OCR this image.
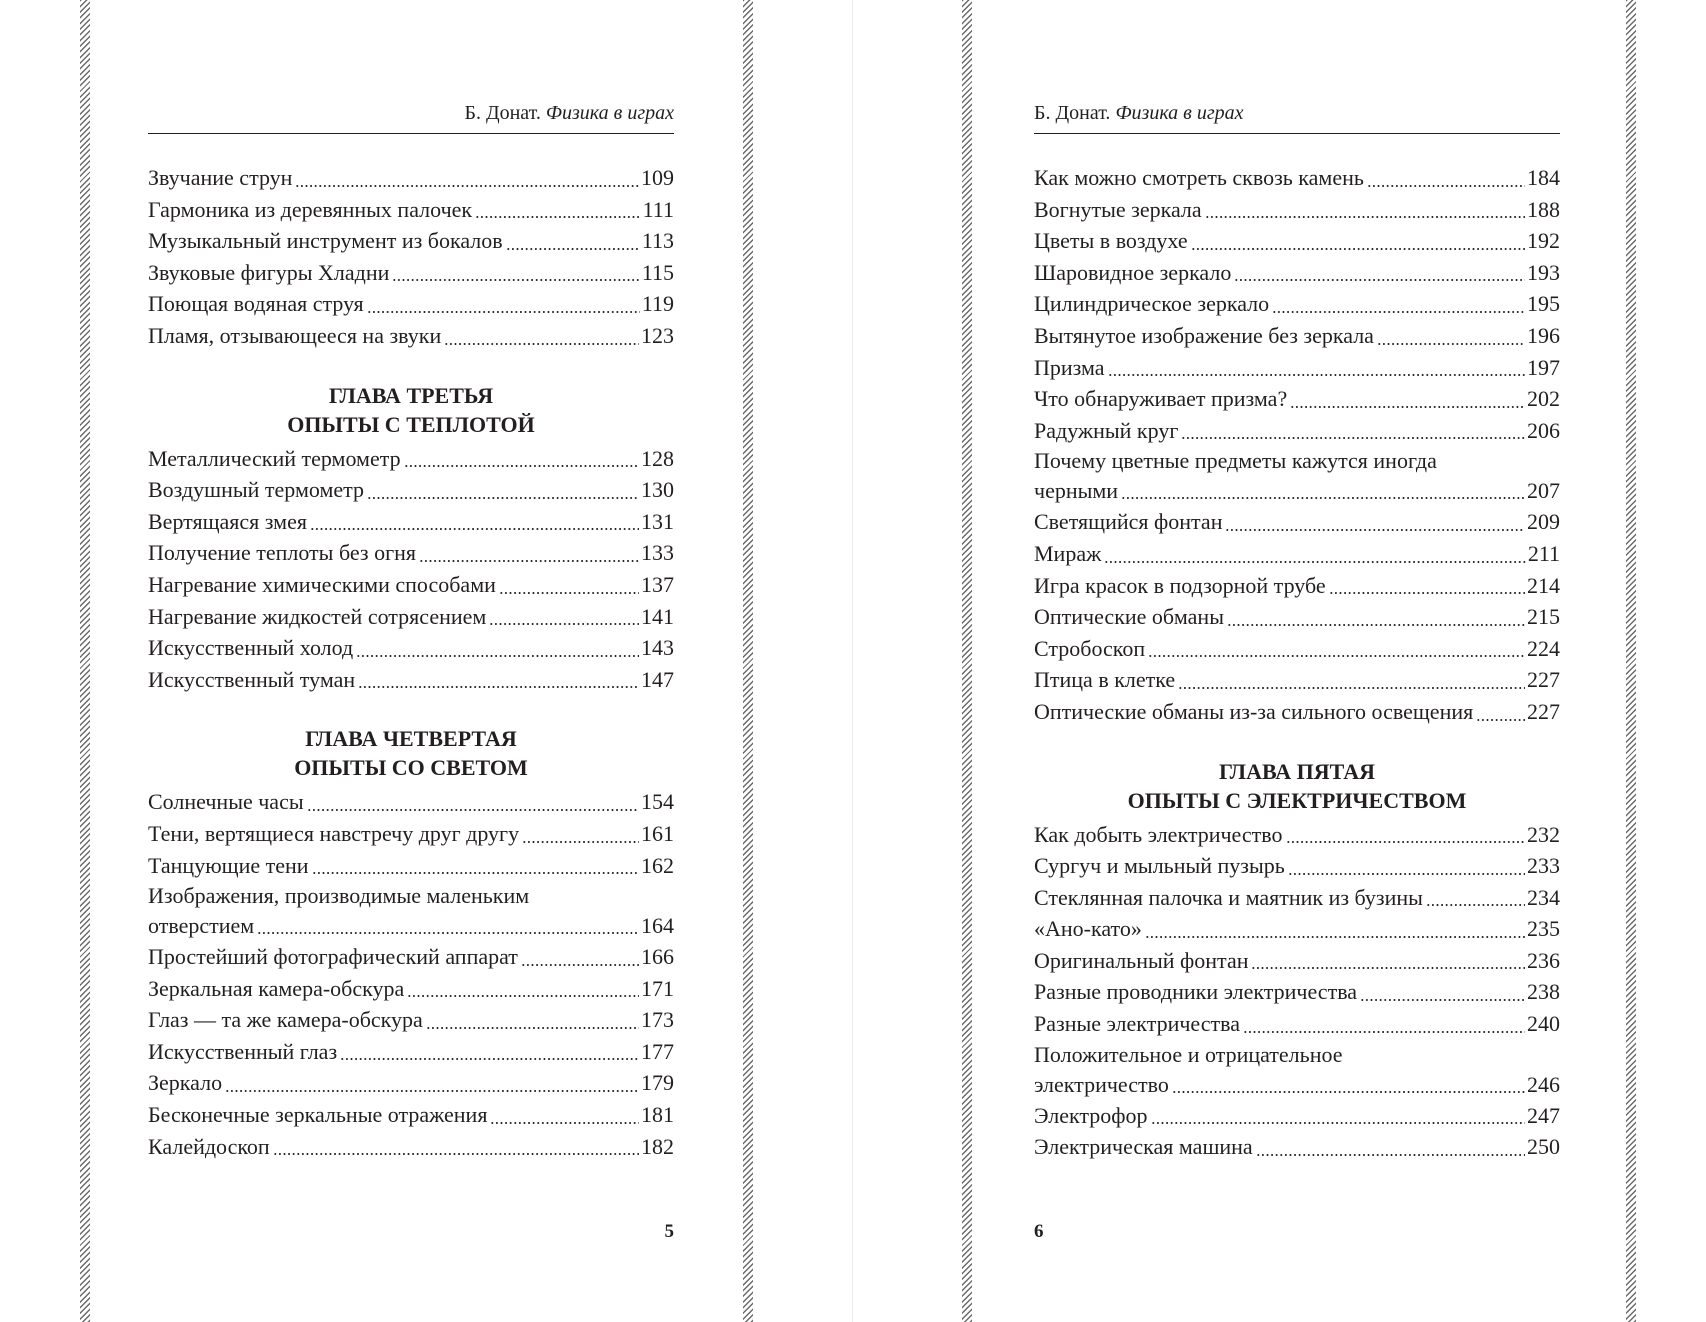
Б. Донат. Физика в играх
Звучание струн	109
Гармоника из деревянных палочек	111
Музыкальный инструмент из бокалов	113
Звуковые фигуры Хладни	115
Поющая водяная струя	119
Пламя, отзывающееся на звуки	123
ГЛАВА ТРЕТЬЯ
ОПЫТЫ С ТЕПЛОТОЙ
Металлический термометр	128
Воздушный термометр	130
Вертящаяся змея	131
Получение теплоты без огня	133
Нагревание химическими способами	137
Нагревание жидкостей сотрясением	141
Искусственный холод	143
Искусственный туман	147
ГЛАВА ЧЕТВЕРТАЯ
ОПЫТЫ СО СВЕТОМ
Солнечные часы	154
Тени, вертящиеся навстречу друг другу	161
Танцующие тени	162
Изображения, производимые маленьким
отверстием	164
Простейший фотографический аппарат	166
Зеркальная камера-обскура	171
Глаз — та же камера-обскура	173
Искусственный глаз	177
Зеркало	179
Бесконечные зеркальные отражения	181
Калейдоскоп	182
5
Б. Донат. Физика в играх
Как можно смотреть сквозь камень	184
Вогнутые зеркала	188
Цветы в воздухе	192
Шаровидное зеркало	193
Цилиндрическое зеркало	195
Вытянутое изображение без зеркала	196
Призма	197
Что обнаруживает призма?	202
Радужный круг	206
Почему цветные предметы кажутся иногда
черными	207
Светящийся фонтан	209
Мираж	211
Игра красок в подзорной трубе	214
Оптические обманы	215
Стробоскоп	224
Птица в клетке	227
Оптические обманы из-за сильного освещения 227
ГЛАВА ПЯТАЯ
ОПЫТЫ С ЭЛЕКТРИЧЕСТВОМ
Как добыть электричество	232
Сургуч и мыльный пузырь	233
Стеклянная палочка и маятник из бузины	234
«Ано-като»	235
Оригинальный фонтан	236
Разные проводники электричества	238
Разные электричества	240
Положительное и отрицательное
электричество	246
Электрофор	247
Электрическая машина	250
6
